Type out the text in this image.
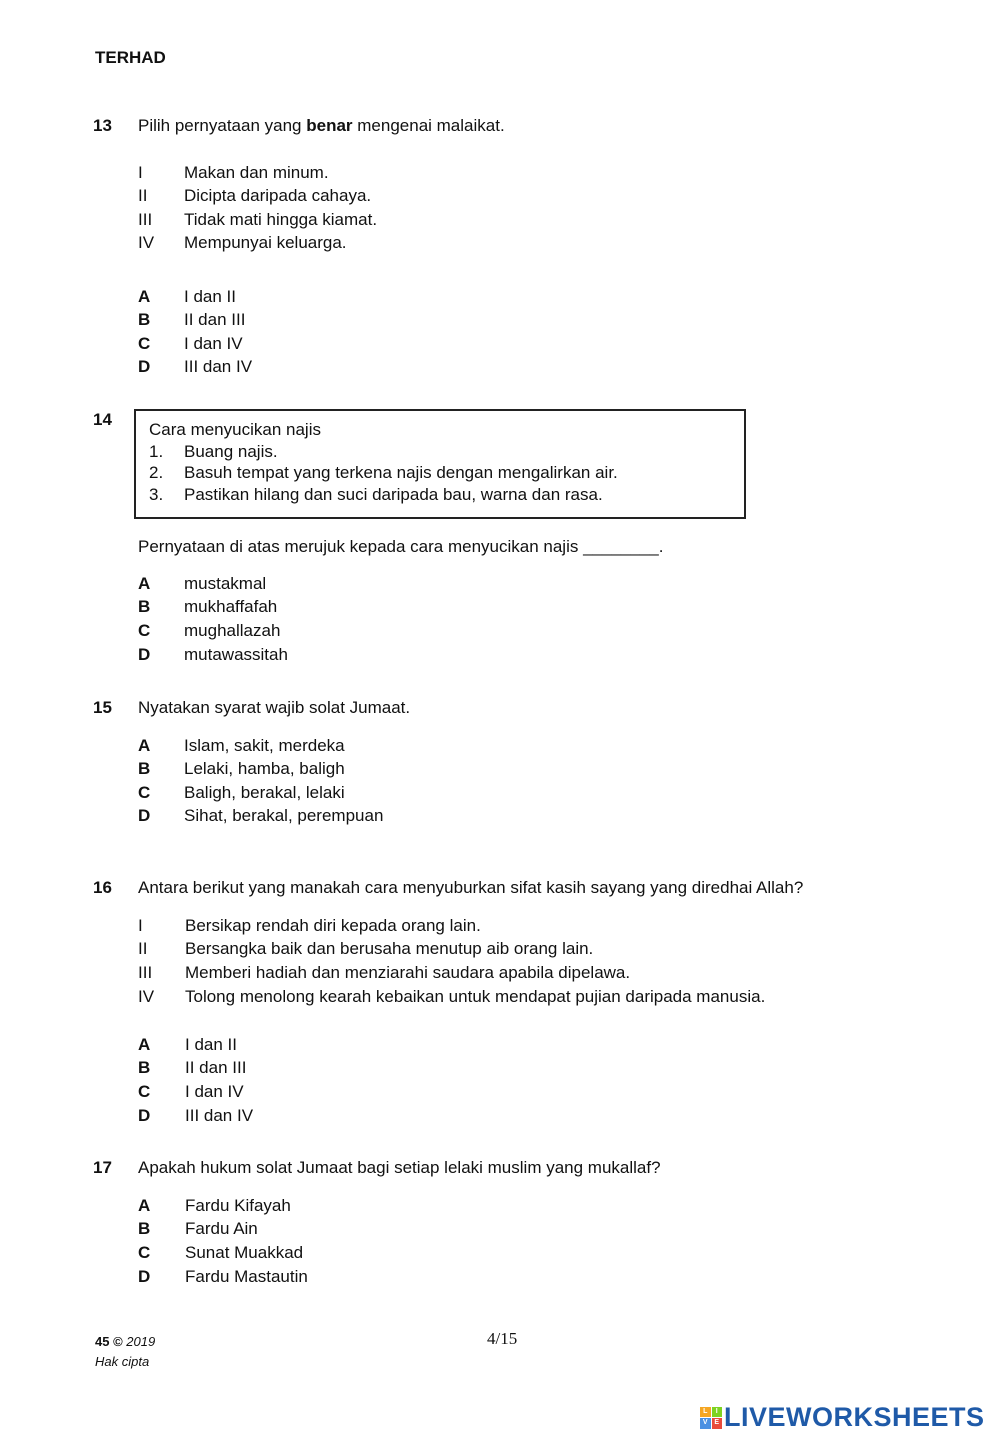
TERHAD
13 Pilih pernyataan yang benar mengenai malaikat.
I Makan dan minum.
II Dicipta daripada cahaya.
III Tidak mati hingga kiamat.
IV Mempunyai keluarga.
A I dan II
B II dan III
C I dan IV
D III dan IV
14
Cara menyucikan najis
1. Buang najis.
2. Basuh tempat yang terkena najis dengan mengalirkan air.
3. Pastikan hilang dan suci daripada bau, warna dan rasa.
Pernyataan di atas merujuk kepada cara menyucikan najis ________.
A mustakmal
B mukhaffafah
C mughallazah
D mutawassitah
15 Nyatakan syarat wajib solat Jumaat.
A Islam, sakit, merdeka
B Lelaki, hamba, baligh
C Baligh, berakal, lelaki
D Sihat, berakal, perempuan
16 Antara berikut yang manakah cara menyuburkan sifat kasih sayang yang diredhai Allah?
I Bersikap rendah diri kepada orang lain.
II Bersangka baik dan berusaha menutup aib orang lain.
III Memberi hadiah dan menziarahi saudara apabila dipelawa.
IV Tolong menolong kearah kebaikan untuk mendapat pujian daripada manusia.
A I dan II
B II dan III
C I dan IV
D III dan IV
17 Apakah hukum solat Jumaat bagi setiap lelaki muslim yang mukallaf?
A Fardu Kifayah
B Fardu Ain
C Sunat Muakkad
D Fardu Mastautin
45 © 2019
Hak cipta
4/15
L	I
V E LIVEWORKSHEETS
